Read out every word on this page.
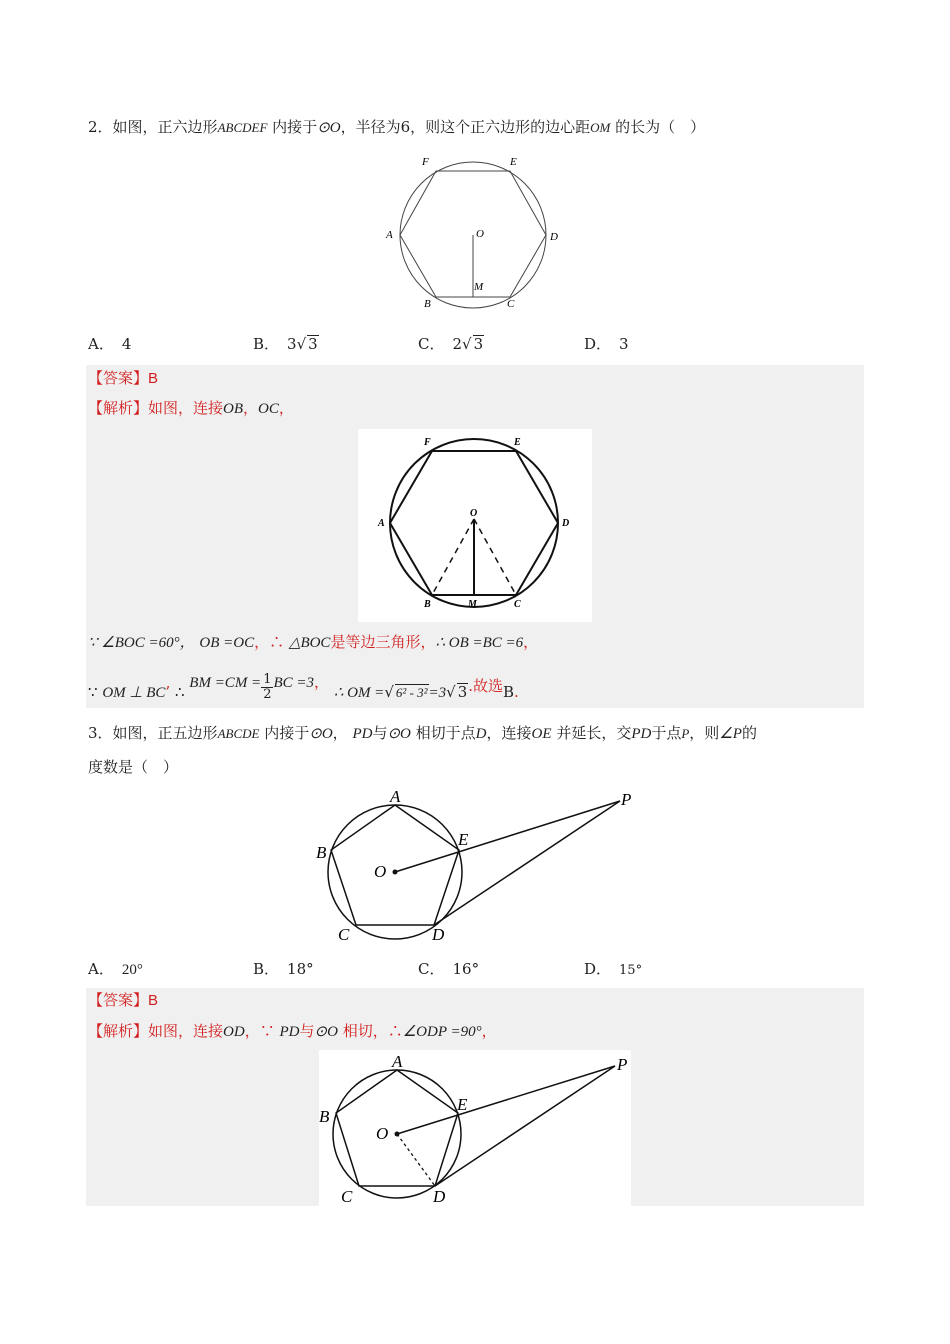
2．如图，正六边形ABCDEF 内接于⊙O，半径为6，则这个正六边形的边心距OM 的长为（　）
F	E
A	D
O
M
B	C
A． 4	B． 3√ 3	C． 2√ 3	D． 3
【答案】B
【解析】如图，连接OB，OC，
F	E
A	D
O
B	M	C
∵ ∠BOC =60°， OB =OC，∴ △BOC是等边三角形，∴ OB =BC =6，
∵ OM ⊥ BC’ ∴ BM $=CM = \frac{1}{2}$ BC =3， ∴ OM =√ 6² - 3²=3√ 3.故选B.
3．如图，正五边形ABCDE 内接于⊙O， PD与⊙O 相切于点D，连接OE 并延长，交PD于点P，则∠P的
度数是（　）
A
B
E
O
C	D
P
A． 20°	B． 18°	C． 16°	D． 15°
【答案】B
【解析】如图，连接OD，∵ PD与⊙O 相切，∴∠ODP =90°，
A
B
E
O
C	D
P
